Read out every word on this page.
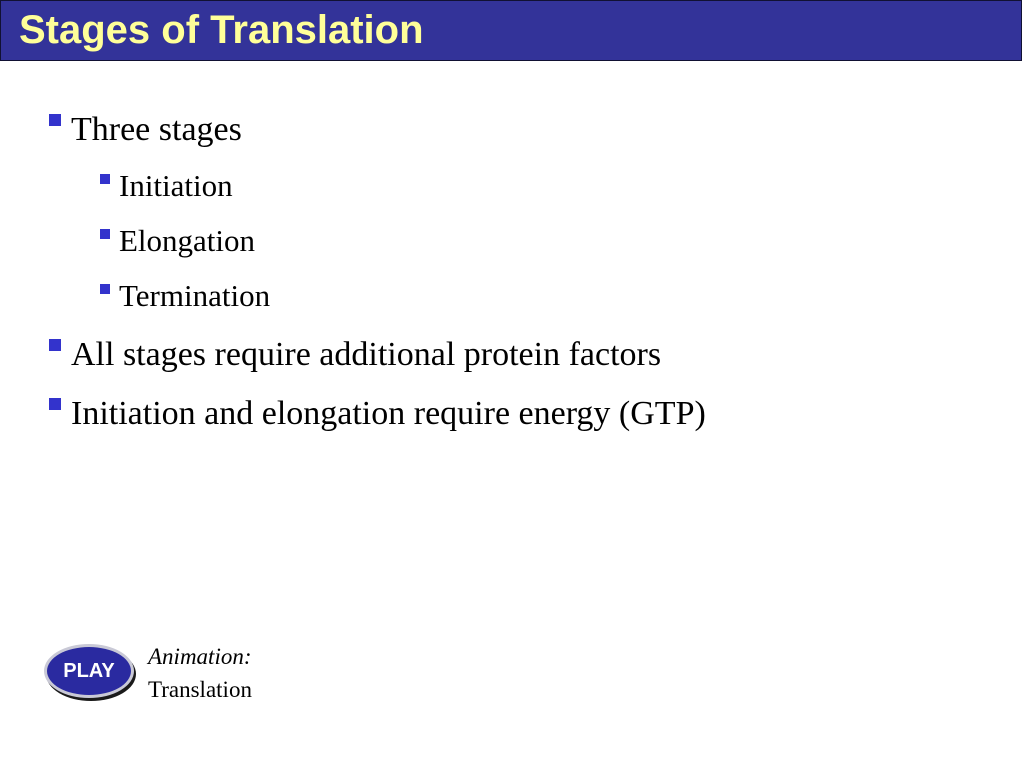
Stages of Translation
Three stages
Initiation
Elongation
Termination
All stages require additional protein factors
Initiation and elongation require energy (GTP)
PLAY
Animation:
Translation
